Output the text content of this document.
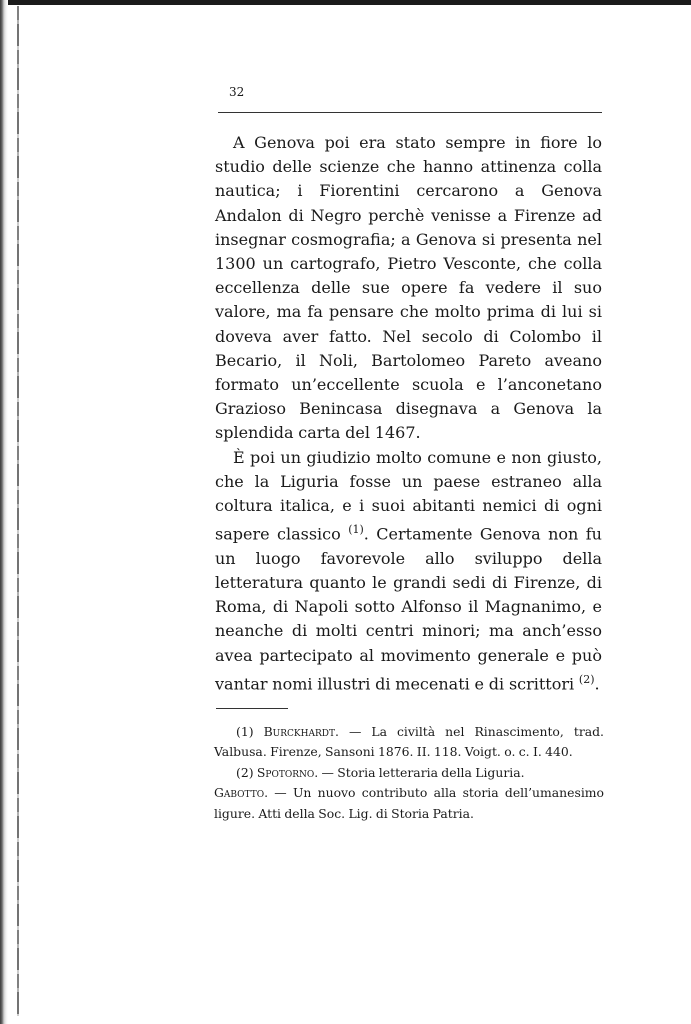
32

A Genova poi era stato sempre in fiore lo studio delle scienze che hanno attinenza colla nautica; i Fiorentini cercarono a Genova Andalon di Negro perchè venisse a Firenze ad insegnar cosmografia; a Genova si presenta nel 1300 un cartografo, Pietro Vesconte, che colla eccellenza delle sue opere fa vedere il suo valore, ma fa pensare che molto prima di lui si doveva aver fatto. Nel secolo di Colombo il Becario, il Noli, Bartolomeo Pareto aveano formato un’eccellente scuola e l’anconetano Grazioso Benincasa disegnava a Genova la splendida carta del 1467.

È poi un giudizio molto comune e non giusto, che la Liguria fosse un paese estraneo alla coltura italica, e i suoi abitanti nemici di ogni sapere classico $^{(1)}$. Certamente Genova non fu un luogo favorevole allo sviluppo della letteratura quanto le grandi sedi di Firenze, di Roma, di Napoli sotto Alfonso il Magnanimo, e neanche di molti centri minori; ma anch’esso avea partecipato al movimento generale e può vantar nomi illustri di mecenati e di scrittori $^{(2)}$.

(1) Burckhardt. — La civiltà nel Rinascimento, trad. Valbusa. Firenze, Sansoni 1876. II. 118. Voigt. o. c. I. 440.

(2) Spotorno. — Storia letteraria della Liguria.

Gabotto. — Un nuovo contributo alla storia dell’umanesimo ligure. Atti della Soc. Lig. di Storia Patria.
